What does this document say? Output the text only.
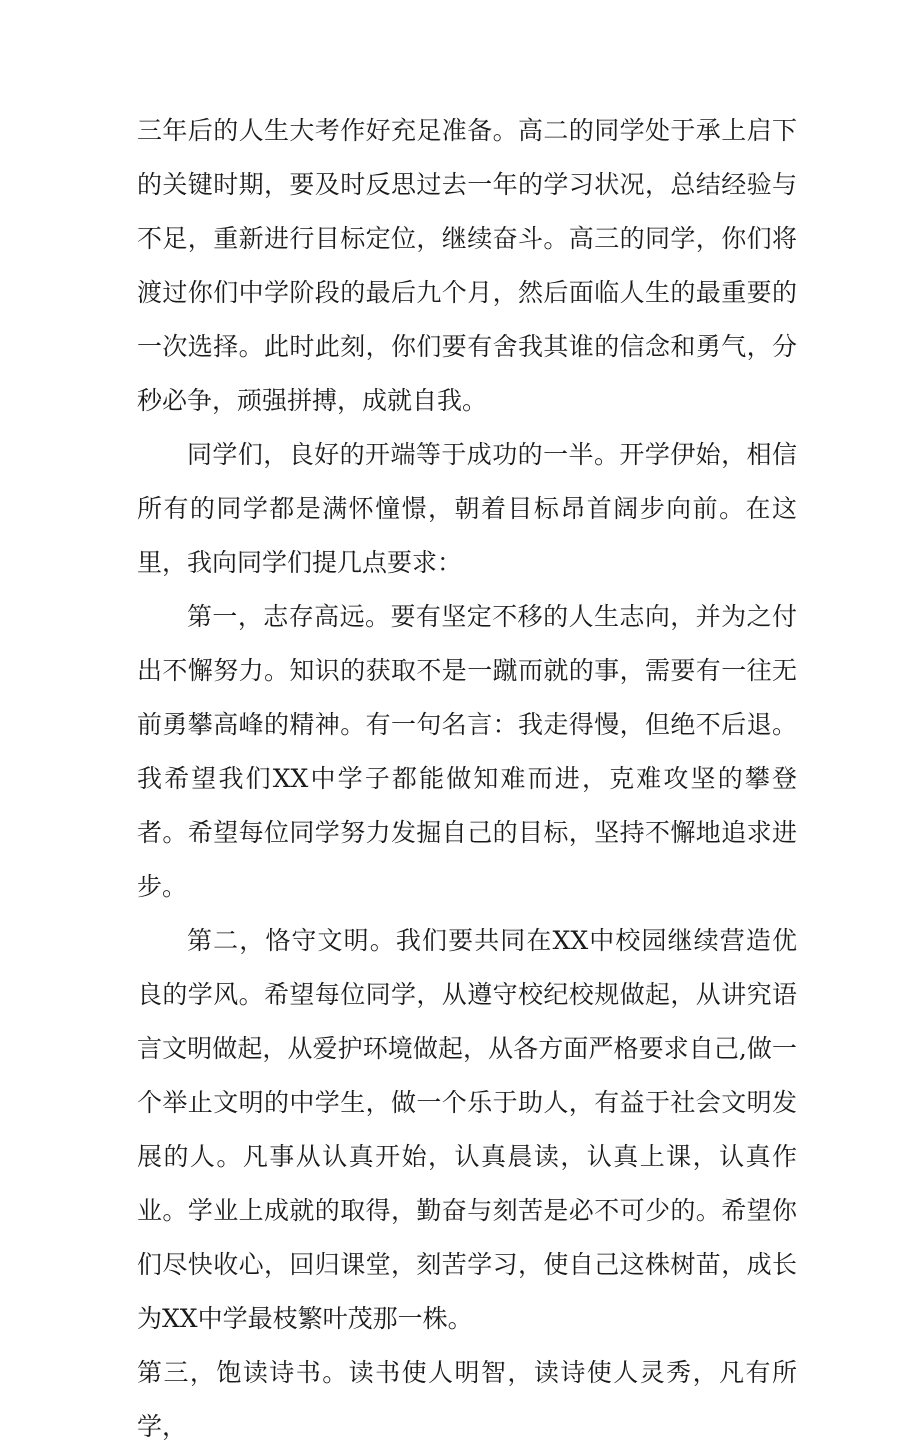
三年后的人生大考作好充足准备。高二的同学处于承上启下的关键时期，要及时反思过去一年的学习状况，总结经验与不足，重新进行目标定位，继续奋斗。高三的同学，你们将渡过你们中学阶段的最后九个月，然后面临人生的最重要的一次选择。此时此刻，你们要有舍我其谁的信念和勇气，分秒必争，顽强拼搏，成就自我。

同学们，良好的开端等于成功的一半。开学伊始，相信所有的同学都是满怀憧憬，朝着目标昂首阔步向前。在这里，我向同学们提几点要求：

第一，志存高远。要有坚定不移的人生志向，并为之付出不懈努力。知识的获取不是一蹴而就的事，需要有一往无前勇攀高峰的精神。有一句名言：我走得慢，但绝不后退。我希望我们XX中学子都能做知难而进，克难攻坚的攀登者。希望每位同学努力发掘自己的目标，坚持不懈地追求进步。

第二，恪守文明。我们要共同在XX中校园继续营造优良的学风。希望每位同学，从遵守校纪校规做起，从讲究语言文明做起，从爱护环境做起，从各方面严格要求自己,做一个举止文明的中学生，做一个乐于助人，有益于社会文明发展的人。凡事从认真开始，认真晨读，认真上课，认真作业。学业上成就的取得，勤奋与刻苦是必不可少的。希望你们尽快收心，回归课堂，刻苦学习，使自己这株树苗，成长为XX中学最枝繁叶茂那一株。

第三，饱读诗书。读书使人明智，读诗使人灵秀，凡有所学，
